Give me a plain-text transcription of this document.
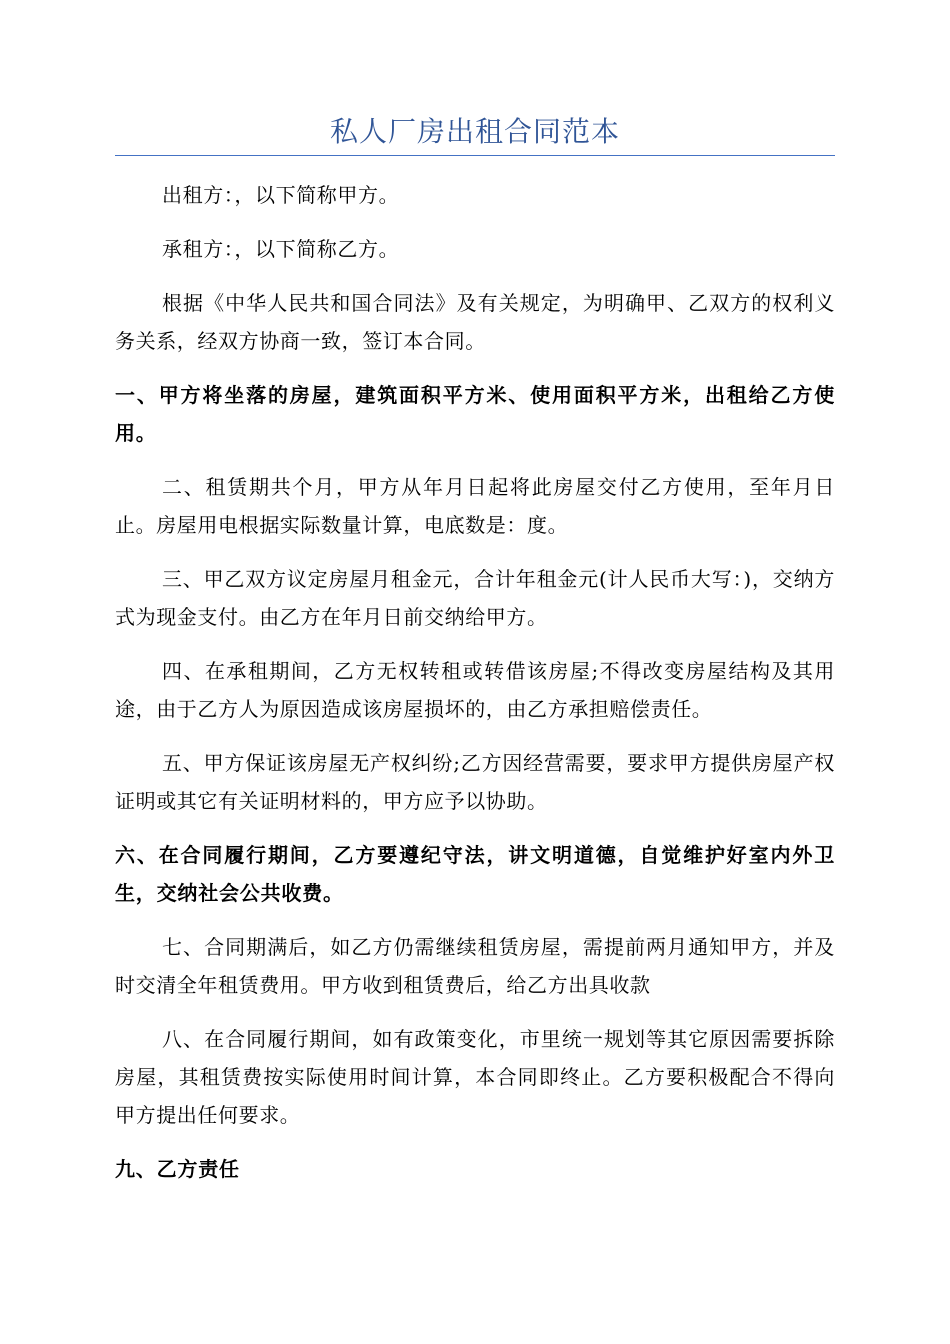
私人厂房出租合同范本

出租方：，以下简称甲方。

承租方：，以下简称乙方。

根据《中华人民共和国合同法》及有关规定，为明确甲、乙双方的权利义务关系，经双方协商一致，签订本合同。

一、甲方将坐落的房屋，建筑面积平方米、使用面积平方米，出租给乙方使用。

二、租赁期共个月，甲方从年月日起将此房屋交付乙方使用，至年月日止。房屋用电根据实际数量计算，电底数是：度。

三、甲乙双方议定房屋月租金元，合计年租金元(计人民币大写：)，交纳方式为现金支付。由乙方在年月日前交纳给甲方。

四、在承租期间，乙方无权转租或转借该房屋;不得改变房屋结构及其用途，由于乙方人为原因造成该房屋损坏的，由乙方承担赔偿责任。

五、甲方保证该房屋无产权纠纷;乙方因经营需要，要求甲方提供房屋产权证明或其它有关证明材料的，甲方应予以协助。

六、在合同履行期间，乙方要遵纪守法，讲文明道德，自觉维护好室内外卫生，交纳社会公共收费。

七、合同期满后，如乙方仍需继续租赁房屋，需提前两月通知甲方，并及时交清全年租赁费用。甲方收到租赁费后，给乙方出具收款

八、在合同履行期间，如有政策变化，市里统一规划等其它原因需要拆除房屋，其租赁费按实际使用时间计算，本合同即终止。乙方要积极配合不得向甲方提出任何要求。

九、乙方责任
